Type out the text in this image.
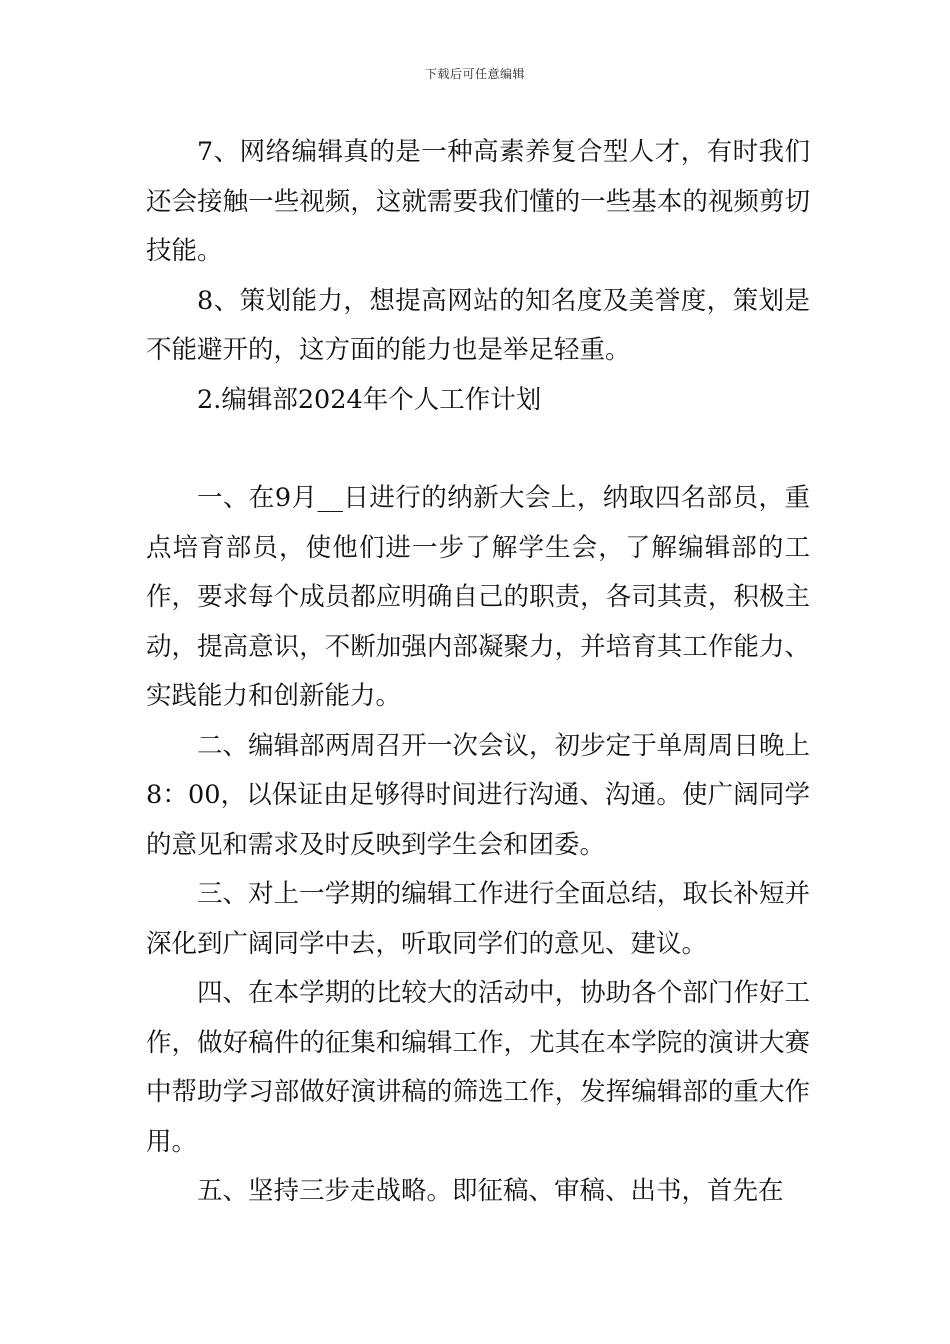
下载后可任意编辑

7、网络编辑真的是一种高素养复合型人才，有时我们还会接触一些视频，这就需要我们懂的一些基本的视频剪切技能。

8、策划能力，想提高网站的知名度及美誉度，策划是不能避开的，这方面的能力也是举足轻重。

2.编辑部2024年个人工作计划

一、在9月__日进行的纳新大会上，纳取四名部员，重点培育部员，使他们进一步了解学生会，了解编辑部的工作，要求每个成员都应明确自己的职责，各司其责，积极主动，提高意识，不断加强内部凝聚力，并培育其工作能力、实践能力和创新能力。

二、编辑部两周召开一次会议，初步定于单周周日晚上8：00，以保证由足够得时间进行沟通、沟通。使广阔同学的意见和需求及时反映到学生会和团委。

三、对上一学期的编辑工作进行全面总结，取长补短并深化到广阔同学中去，听取同学们的意见、建议。

四、在本学期的比较大的活动中，协助各个部门作好工作，做好稿件的征集和编辑工作，尤其在本学院的演讲大赛中帮助学习部做好演讲稿的筛选工作，发挥编辑部的重大作用。

五、坚持三步走战略。即征稿、审稿、出书，首先在
